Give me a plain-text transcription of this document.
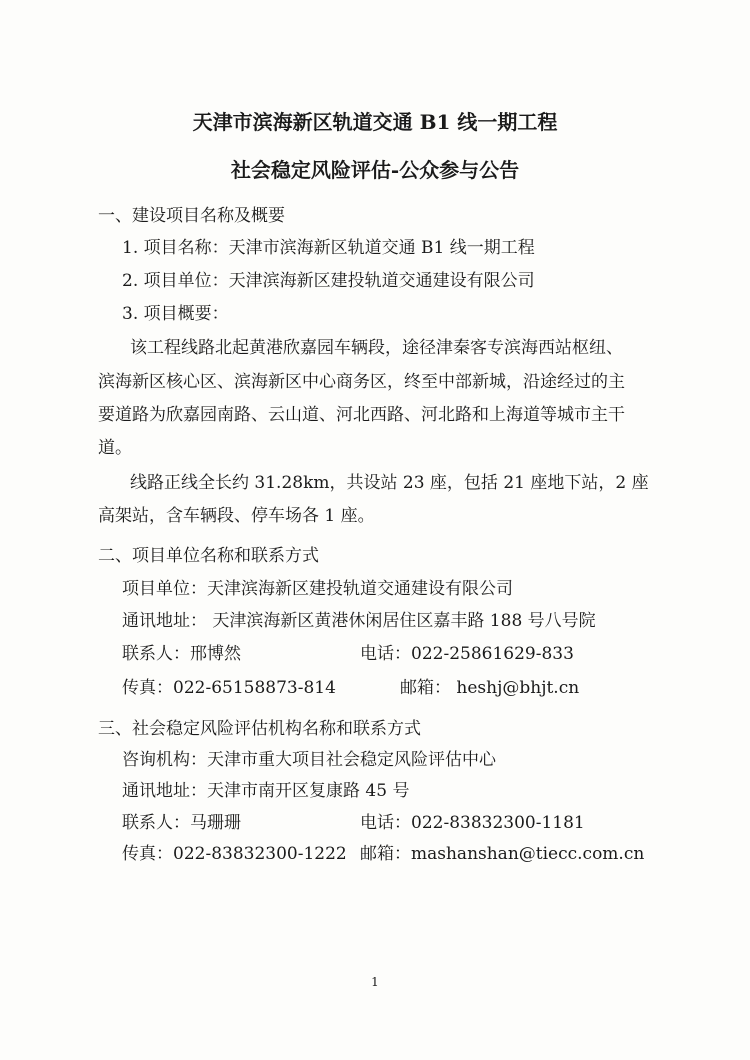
天津市滨海新区轨道交通 B1 线一期工程
社会稳定风险评估-公众参与公告
一、建设项目名称及概要
1. 项目名称：天津市滨海新区轨道交通 B1 线一期工程
2. 项目单位：天津滨海新区建投轨道交通建设有限公司
3. 项目概要：
该工程线路北起黄港欣嘉园车辆段，途径津秦客专滨海西站枢纽、
滨海新区核心区、滨海新区中心商务区，终至中部新城，沿途经过的主
要道路为欣嘉园南路、云山道、河北西路、河北路和上海道等城市主干
道。
线路正线全长约 31.28km，共设站 23 座，包括 21 座地下站，2 座
高架站，含车辆段、停车场各 1 座。
二、项目单位名称和联系方式
项目单位：天津滨海新区建投轨道交通建设有限公司
通讯地址： 天津滨海新区黄港休闲居住区嘉丰路 188 号八号院
联系人：邢博然	电话：022-25861629-833
传真：022-65158873-814	邮箱： heshj@bhjt.cn
三、社会稳定风险评估机构名称和联系方式
咨询机构：天津市重大项目社会稳定风险评估中心
通讯地址：天津市南开区复康路 45 号
联系人：马珊珊	电话：022-83832300-1181
传真：022-83832300-1222 邮箱：mashanshan@tiecc.com.cn
1
